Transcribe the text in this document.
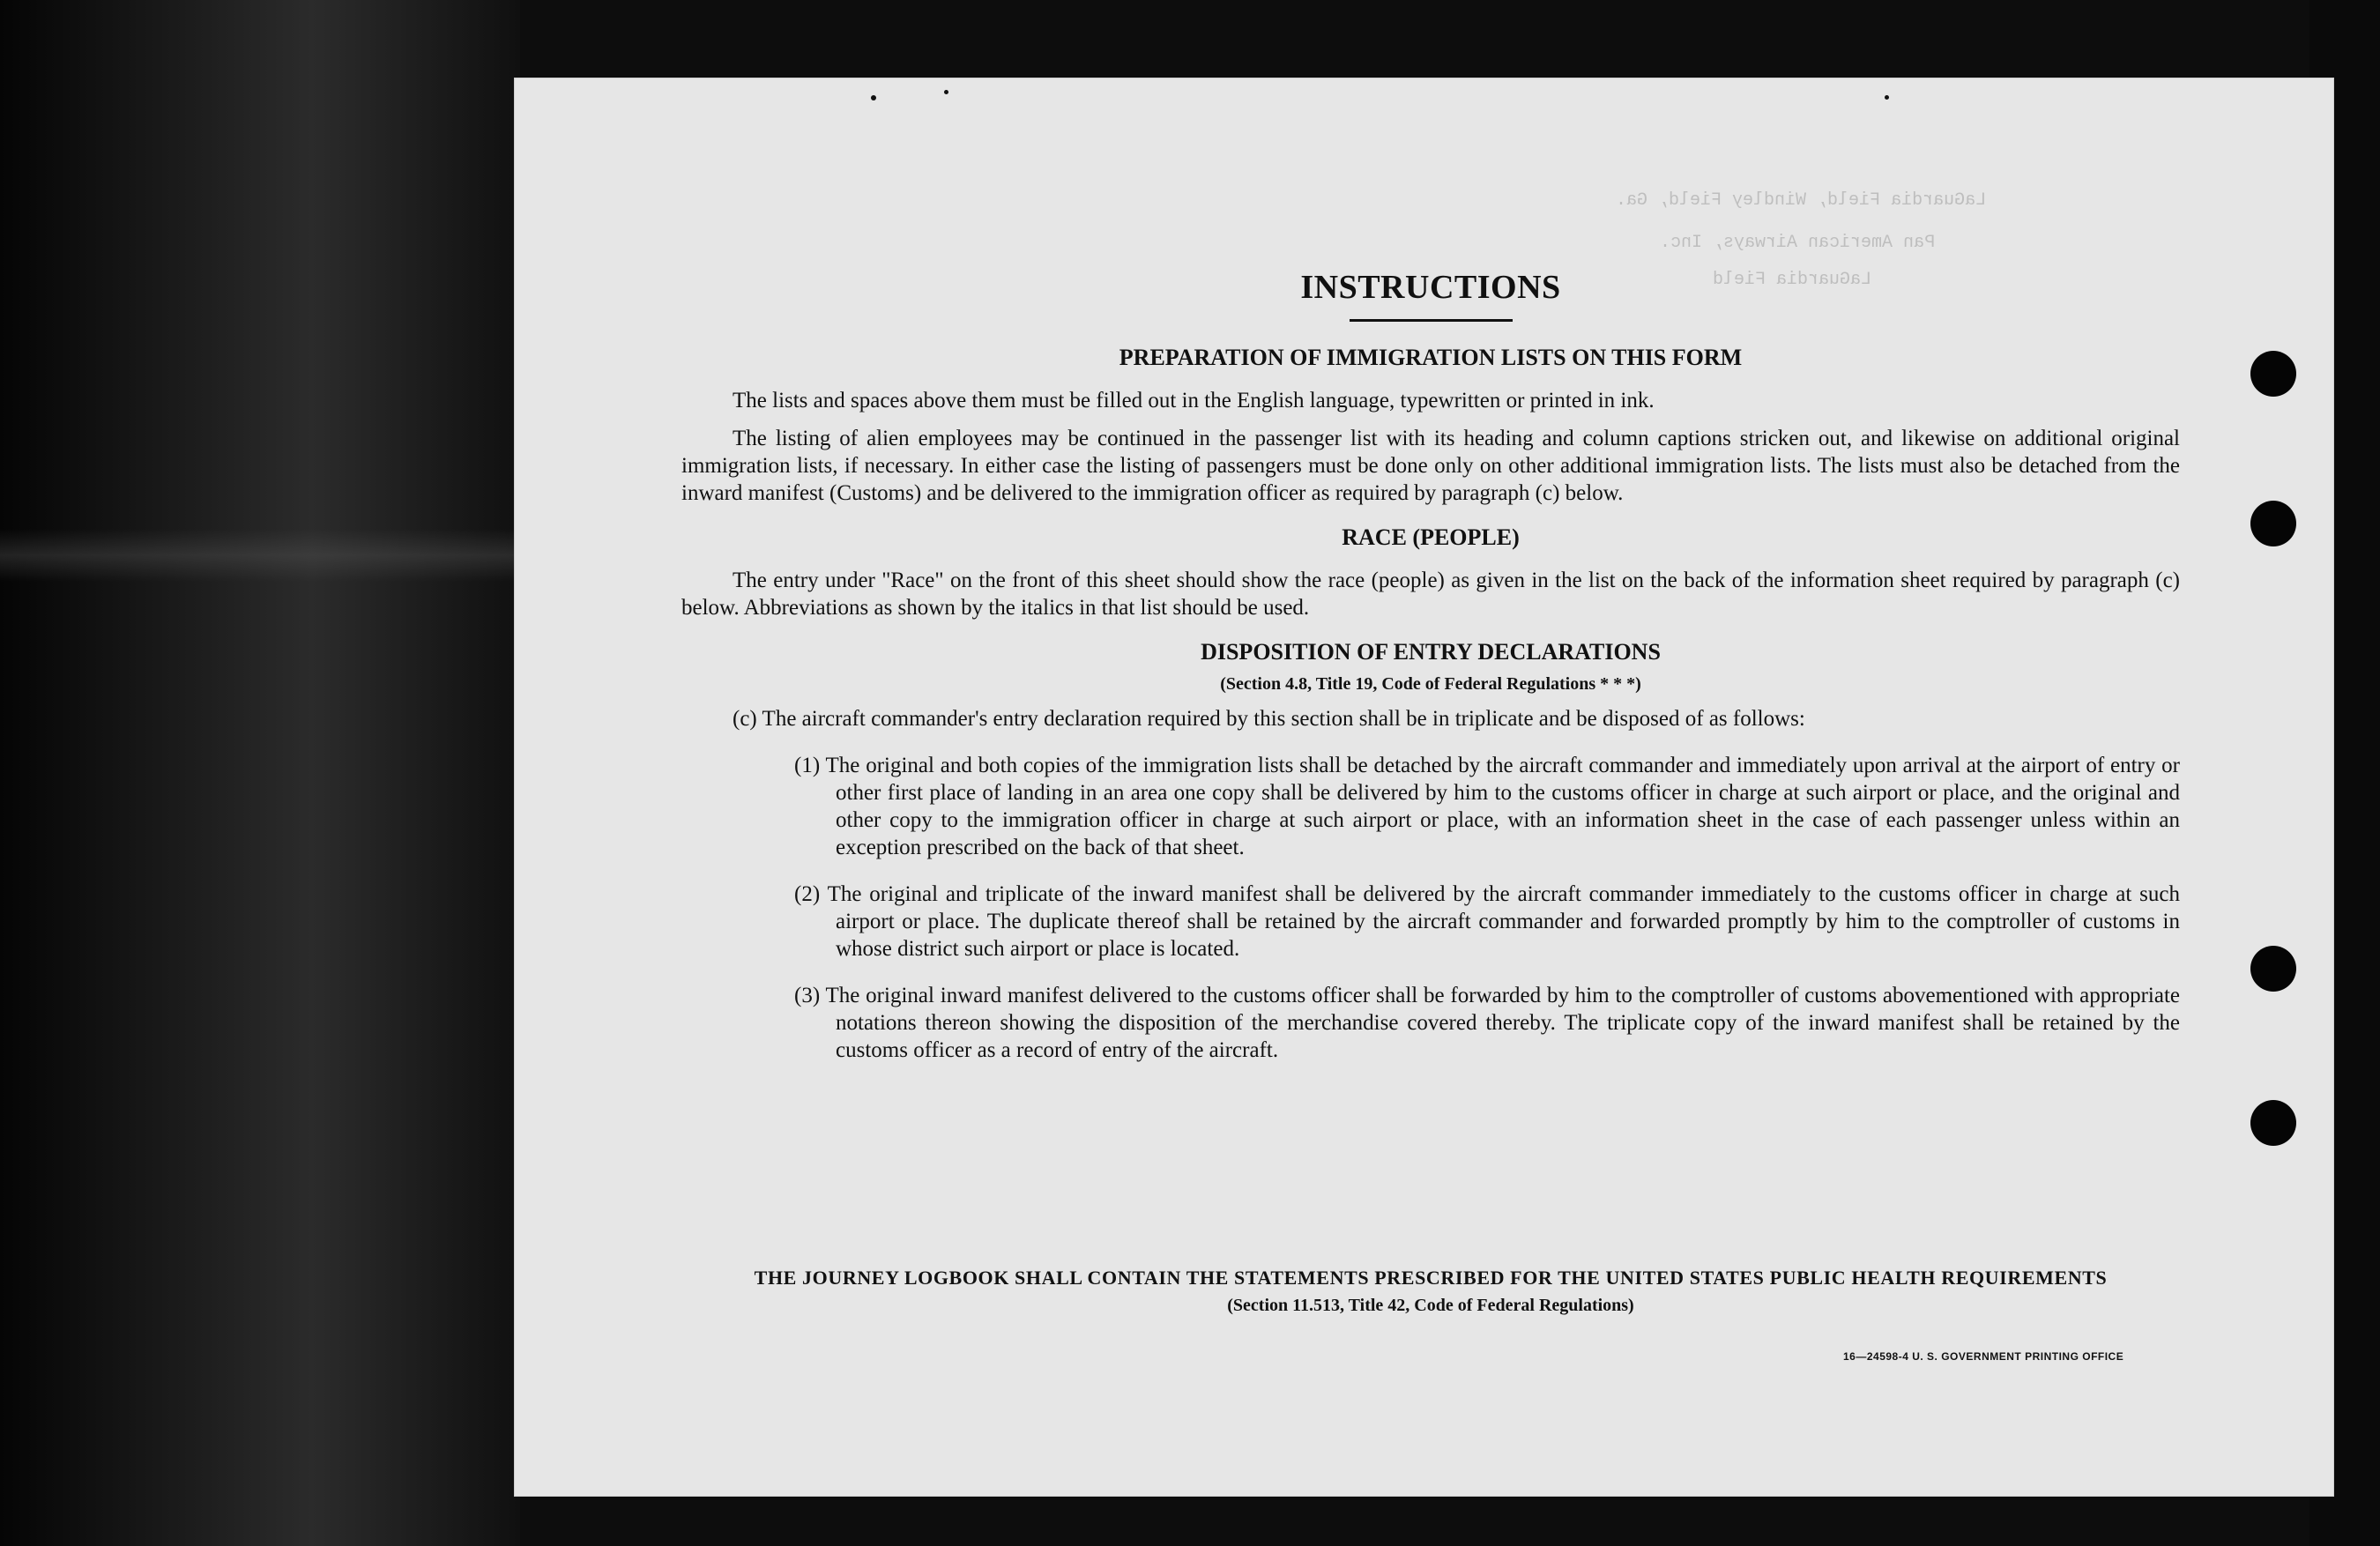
LaGuardia Field, Windley Field, Ga.
Pan American Airways, Inc.
LaGuardia Field
INSTRUCTIONS
PREPARATION OF IMMIGRATION LISTS ON THIS FORM

The lists and spaces above them must be filled out in the English language, typewritten or printed in ink.

The listing of alien employees may be continued in the passenger list with its heading and column captions stricken out, and likewise on additional original immigration lists, if necessary. In either case the listing of passengers must be done only on other additional immigration lists. The lists must also be detached from the inward manifest (Customs) and be delivered to the immigration officer as required by paragraph (c) below.

RACE (PEOPLE)

The entry under "Race" on the front of this sheet should show the race (people) as given in the list on the back of the information sheet required by paragraph (c) below. Abbreviations as shown by the italics in that list should be used.

DISPOSITION OF ENTRY DECLARATIONS
(Section 4.8, Title 19, Code of Federal Regulations * * *)
(c) The aircraft commander's entry declaration required by this section shall be in triplicate and be disposed of as follows:
(1) The original and both copies of the immigration lists shall be detached by the aircraft commander and immediately upon arrival at the airport of entry or other first place of landing in an area one copy shall be delivered by him to the customs officer in charge at such airport or place, and the original and other copy to the immigration officer in charge at such airport or place, with an information sheet in the case of each passenger unless within an exception prescribed on the back of that sheet.
(2) The original and triplicate of the inward manifest shall be delivered by the aircraft commander immediately to the customs officer in charge at such airport or place. The duplicate thereof shall be retained by the aircraft commander and forwarded promptly by him to the comptroller of customs in whose district such airport or place is located.
(3) The original inward manifest delivered to the customs officer shall be forwarded by him to the comptroller of customs abovementioned with appropriate notations thereon showing the disposition of the merchandise covered thereby. The triplicate copy of the inward manifest shall be retained by the customs officer as a record of entry of the aircraft.
THE JOURNEY LOGBOOK SHALL CONTAIN THE STATEMENTS PRESCRIBED FOR THE UNITED STATES PUBLIC HEALTH REQUIREMENTS
(Section 11.513, Title 42, Code of Federal Regulations)
16—24598-4 U. S. GOVERNMENT PRINTING OFFICE
